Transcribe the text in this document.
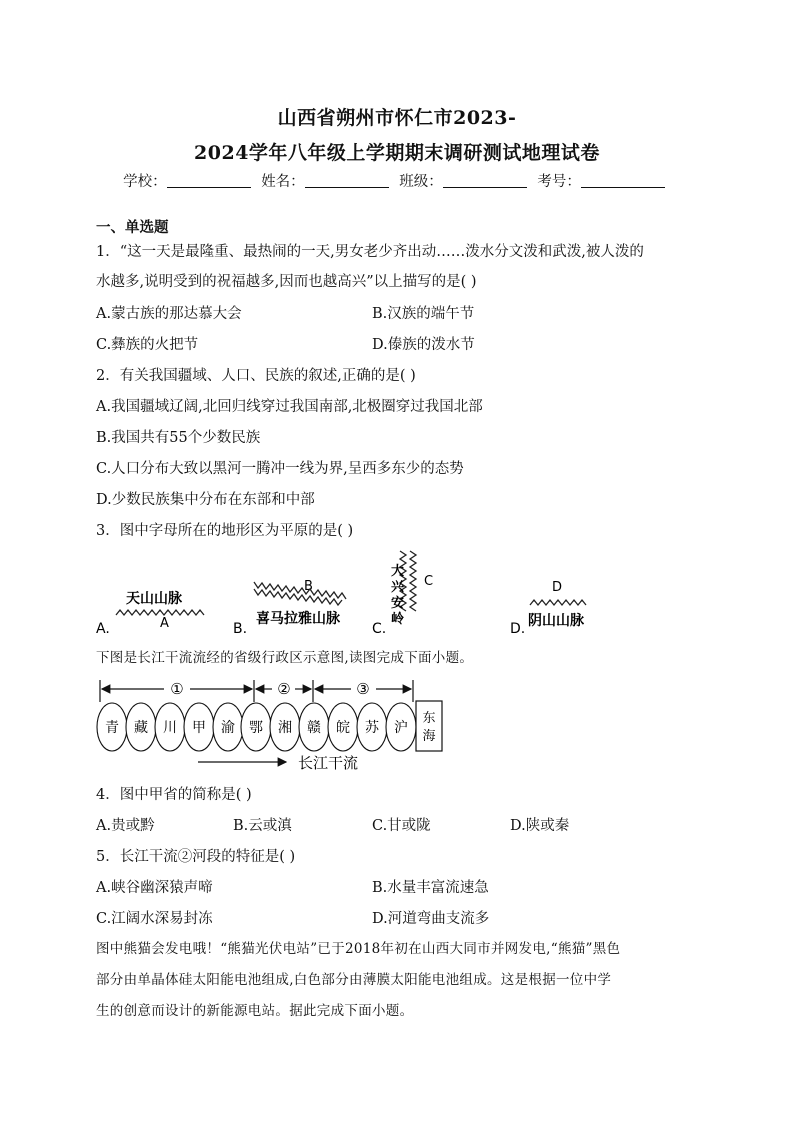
山西省朔州市怀仁市2023-
2024学年八年级上学期期末调研测试地理试卷
学校：	姓名：	班级：	考号：
一、单选题
1．“这一天是最隆重、最热闹的一天,男女老少齐出动……泼水分文泼和武泼,被人泼的
水越多,说明受到的祝福越多,因而也越高兴”以上描写的是( )
A.蒙古族的那达慕大会	B.汉族的端午节
C.彝族的火把节	D.傣族的泼水节
2．有关我国疆域、人口、民族的叙述,正确的是( )
A.我国疆域辽阔,北回归线穿过我国南部,北极圈穿过我国北部
B.我国共有55个少数民族
C.人口分布大致以黑河一腾冲一线为界,呈西多东少的态势
D.少数民族集中分布在东部和中部
3．图中字母所在的地形区为平原的是( )
A.
天山山脉
A	B.
B
喜马拉雅山脉
C.
大
兴
安
岭
C
D.
D
阴山山脉
下图是长江干流流经的省级行政区示意图,读图完成下面小题。
①	②	③
青 藏 川 甲 渝 鄂 湘 赣 皖 苏 沪
东
海
长江干流
4．图中甲省的简称是( )
A.贵或黔	B.云或滇	C.甘或陇	D.陕或秦
5．长江干流②河段的特征是( )
A.峡谷幽深猿声啼	B.水量丰富流速急
C.江阔水深易封冻	D.河道弯曲支流多
图中熊猫会发电哦！“熊猫光伏电站”已于2018年初在山西大同市并网发电,“熊猫”黑色
部分由单晶体硅太阳能电池组成,白色部分由薄膜太阳能电池组成。这是根据一位中学
生的创意而设计的新能源电站。据此完成下面小题。
